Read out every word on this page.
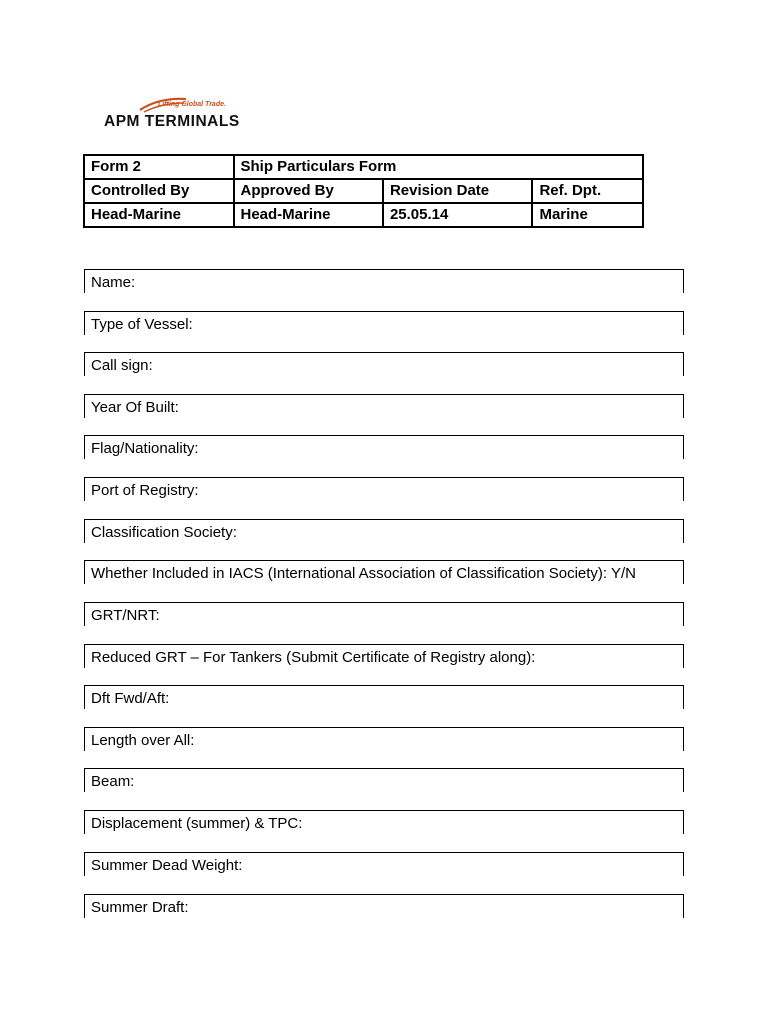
Lifting Global Trade.
APM TERMINALS
Form 2	Ship Particulars Form		
Controlled By	Approved By	Revision Date	Ref. Dpt.
Head-Marine	Head-Marine	25.05.14	Marine
Name:
Type of Vessel:
Call sign:
Year Of Built:
Flag/Nationality:
Port of Registry:
Classification Society:
Whether Included in IACS (International Association of Classification Society): Y/N
GRT/NRT:
Reduced GRT – For Tankers (Submit Certificate of Registry along):
Dft Fwd/Aft:
Length over All:
Beam:
Displacement (summer) & TPC:
Summer Dead Weight:
Summer Draft:
